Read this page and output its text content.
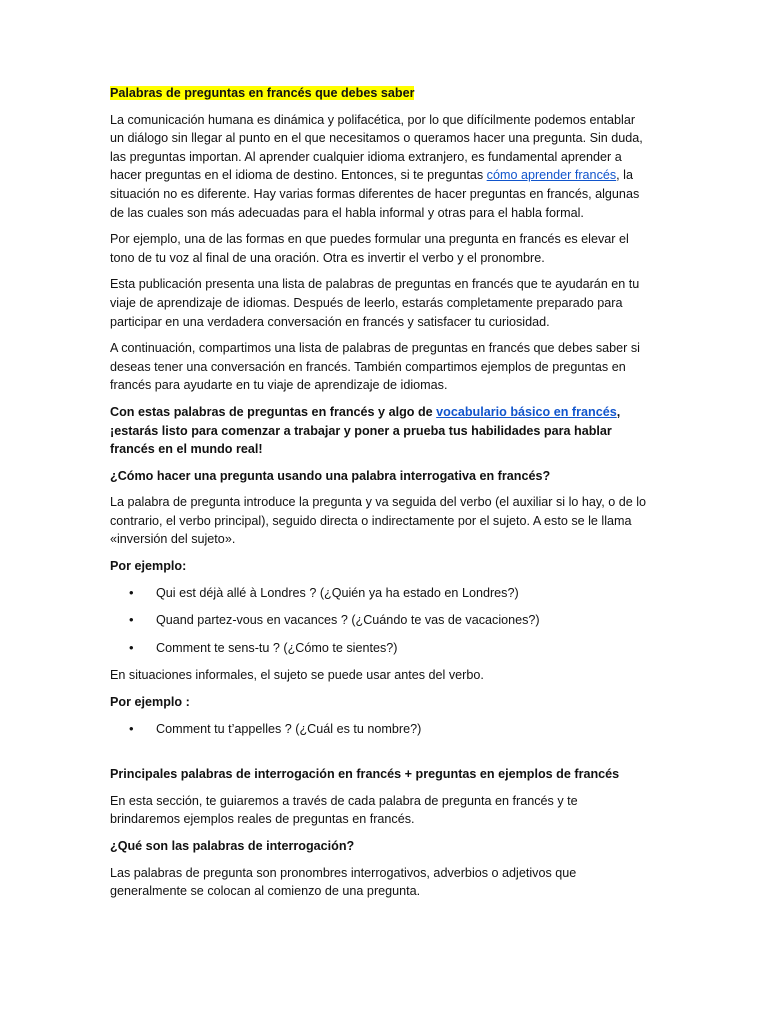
Palabras de preguntas en francés que debes saber

La comunicación humana es dinámica y polifacética, por lo que difícilmente podemos entablar un diálogo sin llegar al punto en el que necesitamos o queramos hacer una pregunta. Sin duda, las preguntas importan. Al aprender cualquier idioma extranjero, es fundamental aprender a hacer preguntas en el idioma de destino. Entonces, si te preguntas cómo aprender francés, la situación no es diferente. Hay varias formas diferentes de hacer preguntas en francés, algunas de las cuales son más adecuadas para el habla informal y otras para el habla formal.

Por ejemplo, una de las formas en que puedes formular una pregunta en francés es elevar el tono de tu voz al final de una oración. Otra es invertir el verbo y el pronombre.

Esta publicación presenta una lista de palabras de preguntas en francés que te ayudarán en tu viaje de aprendizaje de idiomas. Después de leerlo, estarás completamente preparado para participar en una verdadera conversación en francés y satisfacer tu curiosidad.

A continuación, compartimos una lista de palabras de preguntas en francés que debes saber si deseas tener una conversación en francés. También compartimos ejemplos de preguntas en francés para ayudarte en tu viaje de aprendizaje de idiomas.

Con estas palabras de preguntas en francés y algo de vocabulario básico en francés, ¡estarás listo para comenzar a trabajar y poner a prueba tus habilidades para hablar francés en el mundo real!

¿Cómo hacer una pregunta usando una palabra interrogativa en francés?

La palabra de pregunta introduce la pregunta y va seguida del verbo (el auxiliar si lo hay, o de lo contrario, el verbo principal), seguido directa o indirectamente por el sujeto. A esto se le llama «inversión del sujeto».

Por ejemplo:

• Qui est déjà allé à Londres ? (¿Quién ya ha estado en Londres?)
• Quand partez-vous en vacances ? (¿Cuándo te vas de vacaciones?)
• Comment te sens-tu ? (¿Cómo te sientes?)

En situaciones informales, el sujeto se puede usar antes del verbo.

Por ejemplo :

• Comment tu t’appelles ? (¿Cuál es tu nombre?)

Principales palabras de interrogación en francés + preguntas en ejemplos de francés

En esta sección, te guiaremos a través de cada palabra de pregunta en francés y te brindaremos ejemplos reales de preguntas en francés.

¿Qué son las palabras de interrogación?

Las palabras de pregunta son pronombres interrogativos, adverbios o adjetivos que generalmente se colocan al comienzo de una pregunta.
